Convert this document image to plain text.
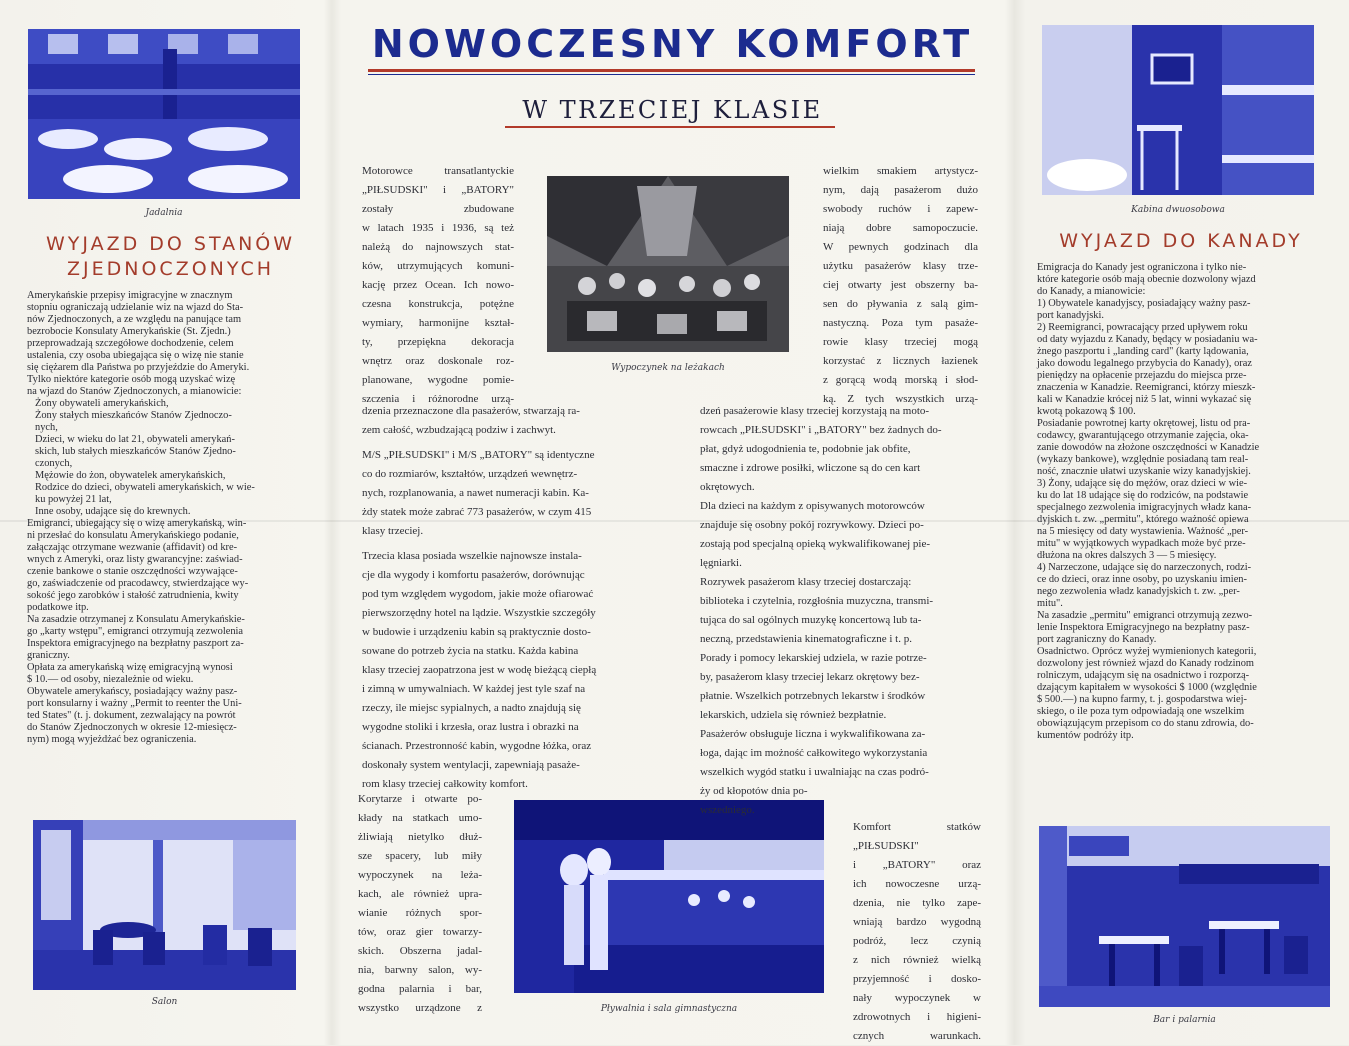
NOWOCZESNY KOMFORT
W TRZECIEJ KLASIE
Jadalnia	Kabina dwuosobowa
Wypoczynek na leżakach
Salon
Pływalnia i sala gimnastyczna
Bar i palarnia
WYJAZD DO STANÓW
ZJEDNOCZONYCH

Amerykańskie przepisy imigracyjne w znacznym

stopniu ograniczają udzielanie wiz na wjazd do Sta-

nów Zjednoczonych, a ze względu na panujące tam

bezrobocie Konsulaty Amerykańskie (St. Zjedn.)

przeprowadzają szczegółowe dochodzenie, celem

ustalenia, czy osoba ubiegająca się o wizę nie stanie

się ciężarem dla Państwa po przyjeździe do Ameryki.

Tylko niektóre kategorie osób mogą uzyskać wizę

na wjazd do Stanów Zjednoczonych, a mianowicie:

Żony obywateli amerykańskich,

Żony stałych mieszkańców Stanów Zjednoczo-

nych,

Dzieci, w wieku do lat 21, obywateli amerykań-

skich, lub stałych mieszkańców Stanów Zjedno-

czonych,

Mężowie do żon, obywatelek amerykańskich,

Rodzice do dzieci, obywateli amerykańskich, w wie-

ku powyżej 21 lat,

Inne osoby, udające się do krewnych.

Emigranci, ubiegający się o wizę amerykańską, win-

ni przesłać do konsulatu Amerykańskiego podanie,

załączając otrzymane wezwanie (affidavit) od kre-

wnych z Ameryki, oraz listy gwarancyjne: zaświad-

czenie bankowe o stanie oszczędności wzywające-

go, zaświadczenie od pracodawcy, stwierdzające wy-

sokość jego zarobków i stałość zatrudnienia, kwity

podatkowe itp.

Na zasadzie otrzymanej z Konsulatu Amerykańskie-

go „karty wstępu", emigranci otrzymują zezwolenia

Inspektora emigracyjnego na bezpłatny paszport za-

graniczny.

Opłata za amerykańską wizę emigracyjną wynosi

$ 10.— od osoby, niezależnie od wieku.

Obywatele amerykańscy, posiadający ważny pasz-

port konsularny i ważny „Permit to reenter the Uni-

ted States" (t. j. dokument, zezwalający na powrót

do Stanów Zjednoczonych w okresie 12-miesięcz-

nym) mogą wyjeżdżać bez ograniczenia.

WYJAZD DO KANADY

Emigracja do Kanady jest ograniczona i tylko nie-

które kategorie osób mają obecnie dozwolony wjazd

do Kanady, a mianowicie:

1) Obywatele kanadyjscy, posiadający ważny pasz-

port kanadyjski.

2) Reemigranci, powracający przed upływem roku

od daty wyjazdu z Kanady, będący w posiadaniu wa-

żnego paszportu i „landing card" (karty lądowania,

jako dowodu legalnego przybycia do Kanady), oraz

pieniędzy na opłacenie przejazdu do miejsca prze-

znaczenia w Kanadzie. Reemigranci, którzy mieszk-

kali w Kanadzie krócej niż 5 lat, winni wykazać się

kwotą pokazową $ 100.

Posiadanie powrotnej karty okrętowej, listu od pra-

codawcy, gwarantującego otrzymanie zajęcia, oka-

zanie dowodów na złożone oszczędności w Kanadzie

(wykazy bankowe), względnie posiadaną tam real-

ność, znacznie ułatwi uzyskanie wizy kanadyjskiej.

3) Żony, udające się do mężów, oraz dzieci w wie-

ku do lat 18 udające się do rodziców, na podstawie

specjalnego zezwolenia imigracyjnych władz kana-

dyjskich t. zw. „permitu", którego ważność opiewa

na 5 miesięcy od daty wystawienia. Ważność „per-

mitu" w wyjątkowych wypadkach może być prze-

dłużona na okres dalszych 3 — 5 miesięcy.

4) Narzeczone, udające się do narzeczonych, rodzi-

ce do dzieci, oraz inne osoby, po uzyskaniu imien-

nego zezwolenia władz kanadyjskich t. zw. „per-

mitu".

Na zasadzie „permitu" emigranci otrzymują zezwo-

lenie Inspektora Emigracyjnego na bezpłatny pasz-

port zagraniczny do Kanady.

Osadnictwo. Oprócz wyżej wymienionych kategorii,

dozwolony jest również wjazd do Kanady rodzinom

rolniczym, udającym się na osadnictwo i rozporzą-

dzającym kapitałem w wysokości $ 1000 (względnie

$ 500.—) na kupno farmy, t. j. gospodarstwa wiej-

skiego, o ile poza tym odpowiadają one wszelkim

obowiązującym przepisom co do stanu zdrowia, do-

kumentów podróży itp.

Motorowce transatlantyckie

„PIŁSUDSKI" i „BATORY"

zostały zbudowane

w latach 1935 i 1936, są też

należą do najnowszych stat-

ków, utrzymujących komuni-

kację przez Ocean. Ich nowo-

czesna konstrukcja, potężne

wymiary, harmonijne kształ-

ty, przepiękna dekoracja

wnętrz oraz doskonale roz-

planowane, wygodne pomie-

szczenia i różnorodne urzą-

dzenia przeznaczone dla pasażerów, stwarzają ra-

zem całość, wzbudzającą podziw i zachwyt.

M/S „PIŁSUDSKI" i M/S „BATORY" są identyczne

co do rozmiarów, kształtów, urządzeń wewnętrz-

nych, rozplanowania, a nawet numeracji kabin. Ka-

żdy statek może zabrać 773 pasażerów, w czym 415

klasy trzeciej.

Trzecia klasa posiada wszelkie najnowsze instala-

cje dla wygody i komfortu pasażerów, dorównując

pod tym względem wygodom, jakie może ofiarować

pierwszorzędny hotel na lądzie. Wszystkie szczegóły

w budowie i urządzeniu kabin są praktycznie dosto-

sowane do potrzeb życia na statku. Każda kabina

klasy trzeciej zaopatrzona jest w wodę bieżącą ciepłą

i zimną w umywalniach. W każdej jest tyle szaf na

rzeczy, ile miejsc sypialnych, a nadto znajdują się

wygodne stoliki i krzesła, oraz lustra i obrazki na

ścianach. Przestronność kabin, wygodne łóżka, oraz

doskonały system wentylacji, zapewniają pasaże-

rom klasy trzeciej całkowity komfort.

Korytarze i otwarte po-

kłady na statkach umo-

żliwiają nietylko dłuż-

sze spacery, lub miły

wypoczynek na leża-

kach, ale również upra-

wianie różnych spor-

tów, oraz gier towarzy-

skich. Obszerna jadal-

nia, barwny salon, wy-

godna palarnia i bar,

wszystko urządzone z

wielkim smakiem artystycz-

nym, dają pasażerom dużo

swobody ruchów i zapew-

niają dobre samopoczucie.

W pewnych godzinach dla

użytku pasażerów klasy trze-

ciej otwarty jest obszerny ba-

sen do pływania z salą gim-

nastyczną. Poza tym pasaże-

rowie klasy trzeciej mogą

korzystać z licznych łazienek

z gorącą wodą morską i słod-

ką. Z tych wszystkich urzą-

dzeń pasażerowie klasy trzeciej korzystają na moto-

rowcach „PIŁSUDSKI" i „BATORY" bez żadnych do-

płat, gdyż udogodnienia te, podobnie jak obfite,

smaczne i zdrowe posiłki, wliczone są do cen kart

okrętowych.

Dla dzieci na każdym z opisywanych motorowców

znajduje się osobny pokój rozrywkowy. Dzieci po-

zostają pod specjalną opieką wykwalifikowanej pie-

lęgniarki.

Rozrywek pasażerom klasy trzeciej dostarczają:

biblioteka i czytelnia, rozgłośnia muzyczna, transmi-

tująca do sal ogólnych muzykę koncertową lub ta-

neczną, przedstawienia kinematograficzne i t. p.

Porady i pomocy lekarskiej udziela, w razie potrze-

by, pasażerom klasy trzeciej lekarz okrętowy bez-

płatnie. Wszelkich potrzebnych lekarstw i środków

lekarskich, udziela się również bezpłatnie.

Pasażerów obsługuje liczna i wykwalifikowana za-

łoga, dając im możność całkowitego wykorzystania

wszelkich wygód statku i uwalniając na czas podró-

ży od kłopotów dnia po-

wszedniego.

Komfort statków

„PIŁSUDSKI"

i „BATORY" oraz

ich nowoczesne urzą-

dzenia, nie tylko zape-

wniają bardzo wygodną

podróż, lecz czynią

z nich również wielką

przyjemność i dosko-

nały wypoczynek w

zdrowotnych i higieni-

cznych warunkach.
